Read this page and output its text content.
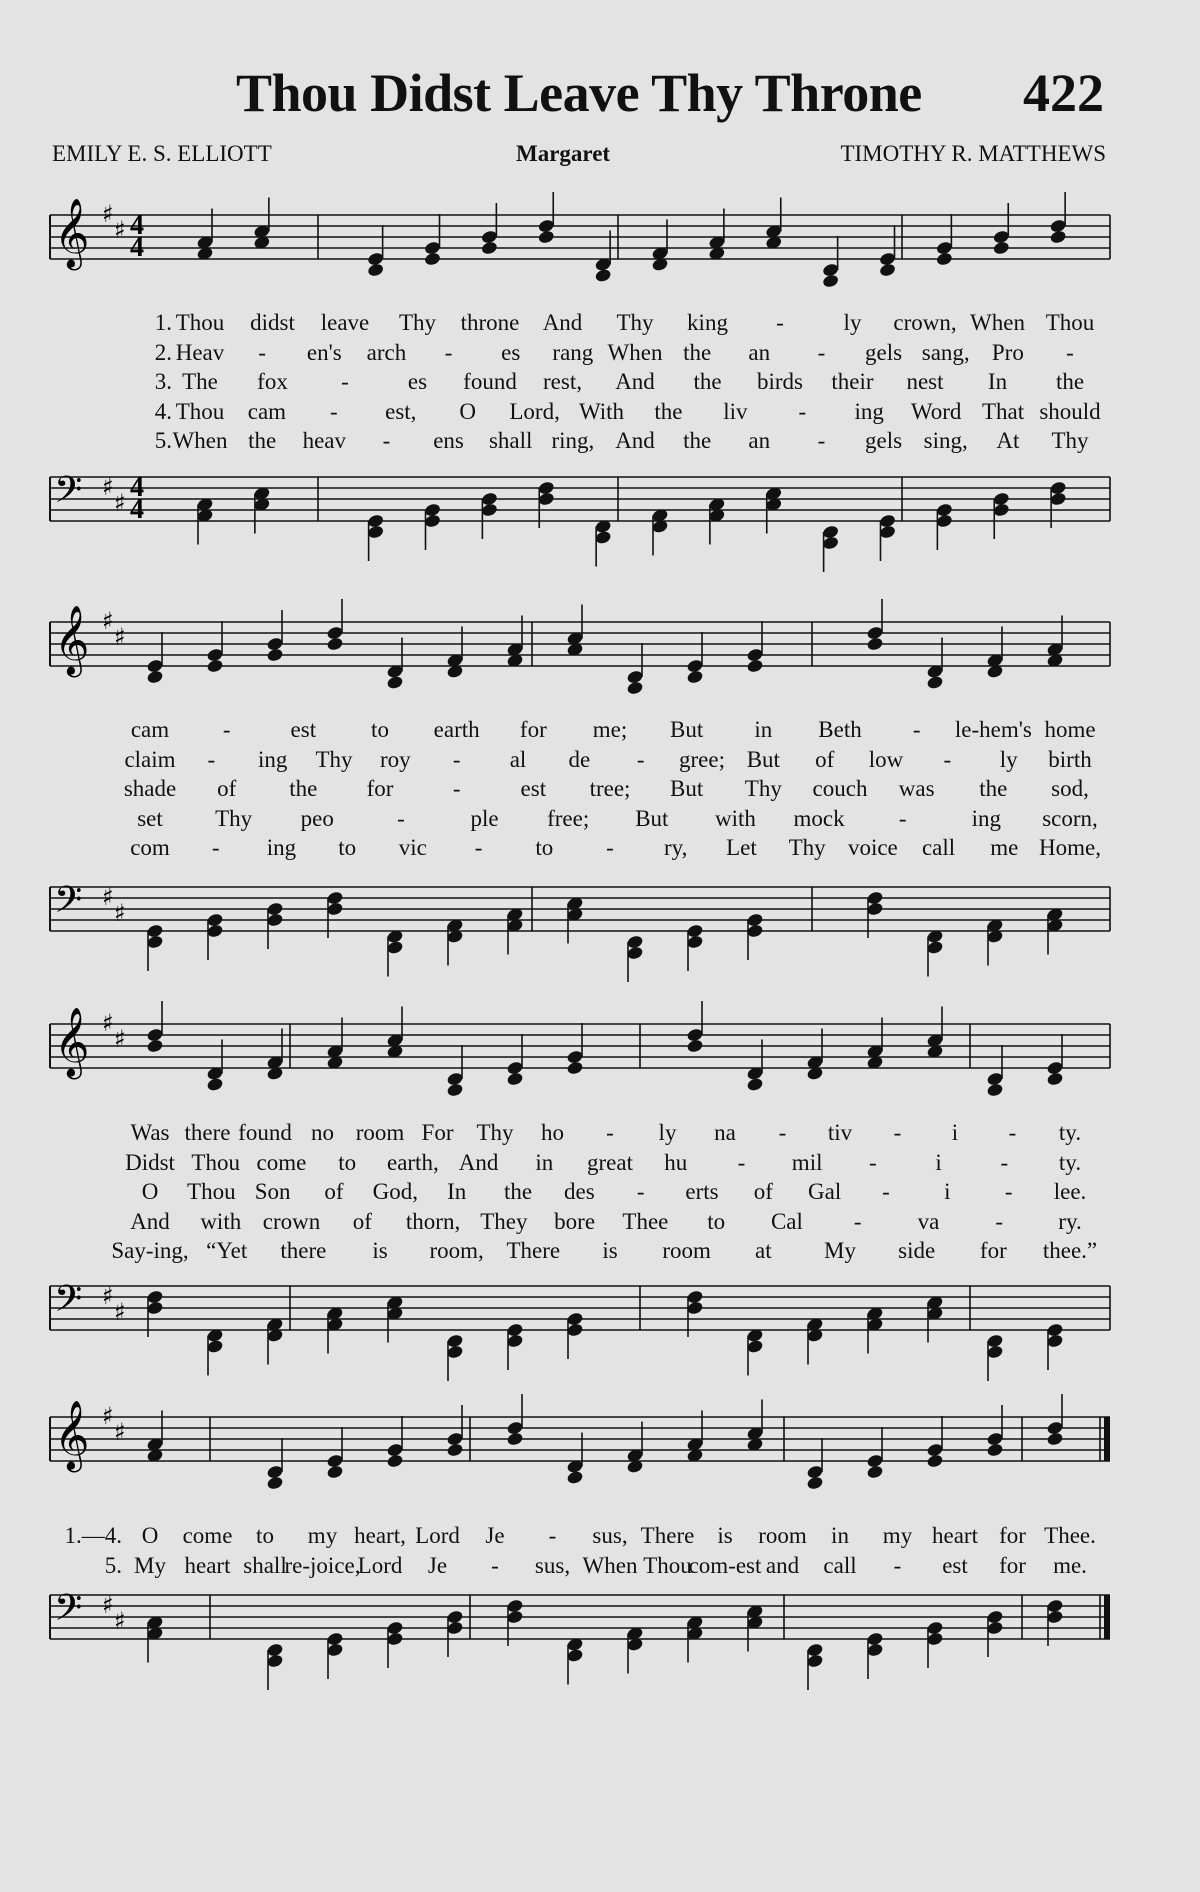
Thou Didst Leave Thy Throne 422
EMILY E. S. ELLIOTT	Margaret	TIMOTHY R. MATTHEWS
𝄞 ♯
♯ 4
4
𝄢 ♯
♯ 4
4
1. Thou didst leave Thy throne And Thy king -	ly crown, When Thou
2. Heav - en's arch - es rang When the an - gels sang, Pro -
3. The fox -	es found rest, And the birds their nest In the
4. Thou cam - est, O Lord, With the liv - ing Word That should
5. When the heav - ens shall ring, And the an - gels sing, At Thy
𝄞 ♯
♯
𝄢 ♯
♯
cam -	est to earth for me; But in Beth - le-hem's home
claim - ing Thy roy - al de - gree; But of low - ly birth
shade of the for	-	est tree; But Thy couch was the sod,
set Thy peo	-	ple free; But with mock -	ing scorn,
com - ing to vic - to - ry, Let Thy voice call me Home,
𝄞 ♯
♯
𝄢 ♯
♯
Was there found no room For Thy ho - ly na - tiv - i - ty.
Didst Thou come to earth, And in great hu - mil -	i	- ty.
O Thou Son of God, In the des - erts of Gal - i - lee.
And with crown of thorn, They bore Thee to Cal - va - ry.
Say-ing, “Yet there is room, There is room at My side for thee.”
𝄞 ♯
♯
𝄢 ♯
♯
1.—4. O come to my heart, Lord Je - sus, There is room in my heart for Thee.
5. My heart shall
re-joice,
Lord Je - sus, When Thou
com-est and call - est for me.
